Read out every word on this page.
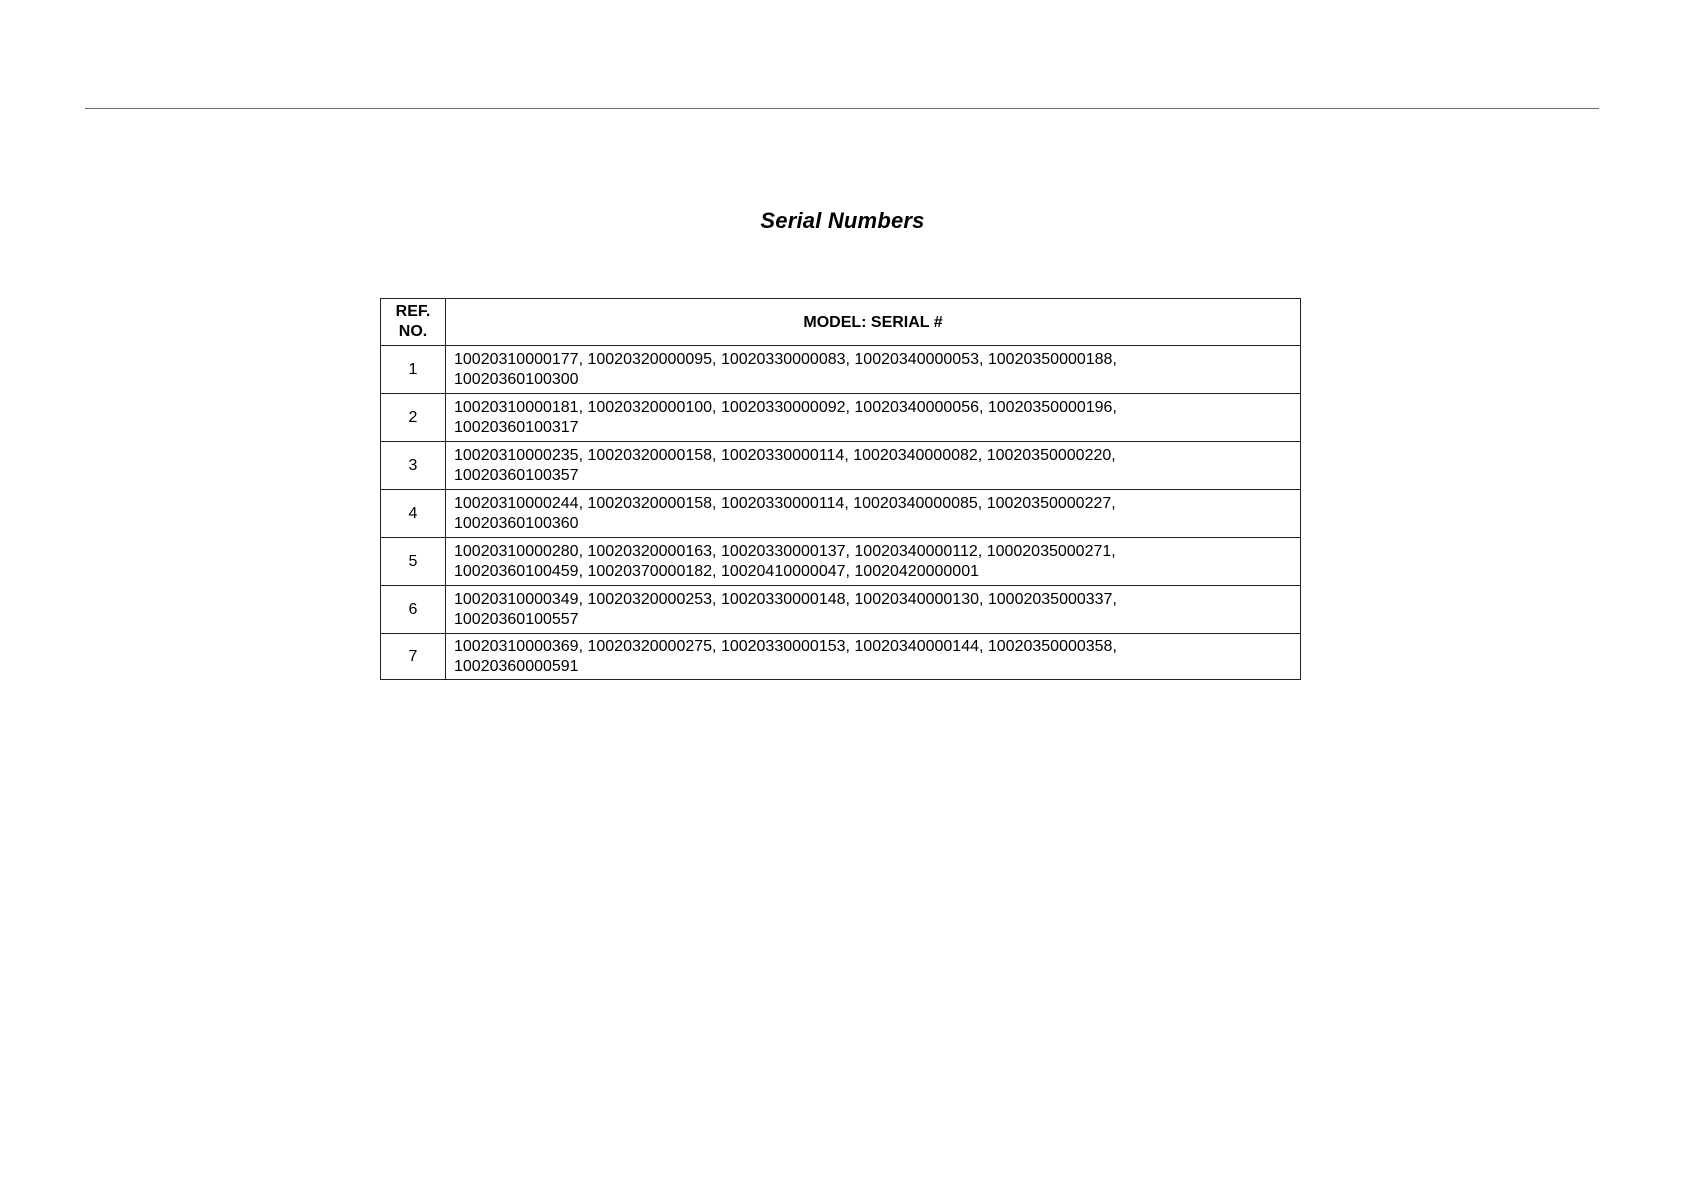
Serial Numbers
REF.
NO.	MODEL: SERIAL #
1	10020310000177, 10020320000095, 10020330000083, 10020340000053, 10020350000188,
10020360100300

2	10020310000181, 10020320000100, 10020330000092, 10020340000056, 10020350000196,
10020360100317

3	10020310000235, 10020320000158, 10020330000114, 10020340000082, 10020350000220,
10020360100357

4	10020310000244, 10020320000158, 10020330000114, 10020340000085, 10020350000227,
10020360100360

5	10020310000280, 10020320000163, 10020330000137, 10020340000112, 10002035000271,
10020360100459, 10020370000182, 10020410000047, 10020420000001

6	10020310000349, 10020320000253, 10020330000148, 10020340000130, 10002035000337,
10020360100557

7	10020310000369, 10020320000275, 10020330000153, 10020340000144, 10020350000358,
10020360000591
